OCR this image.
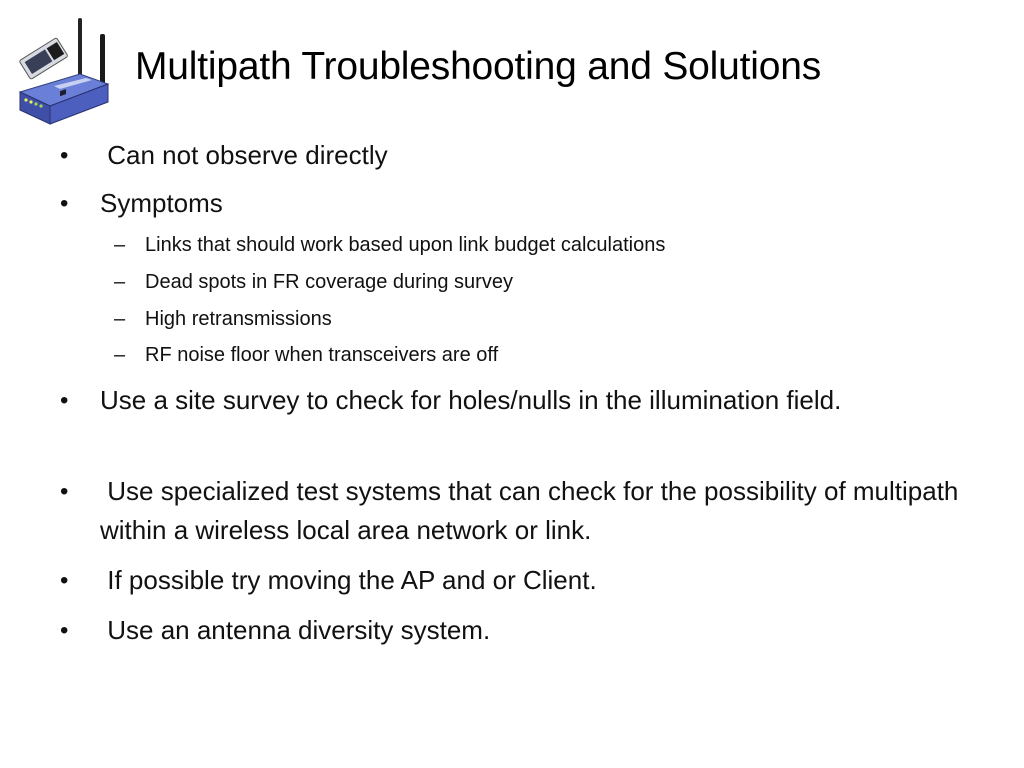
Multipath Troubleshooting and Solutions
•	Can not observe directly
•	Symptoms
– Links that should work based upon link budget calculations
– Dead spots in FR coverage during survey
– High retransmissions
– RF noise floor when transceivers are off
•	Use a site survey to check for holes/nulls in the illumination field.
•	Use specialized test systems that can check for the possibility of multipath within a wireless local area network or link.
•	If possible try moving the AP and or Client.
•	Use an antenna diversity system.
